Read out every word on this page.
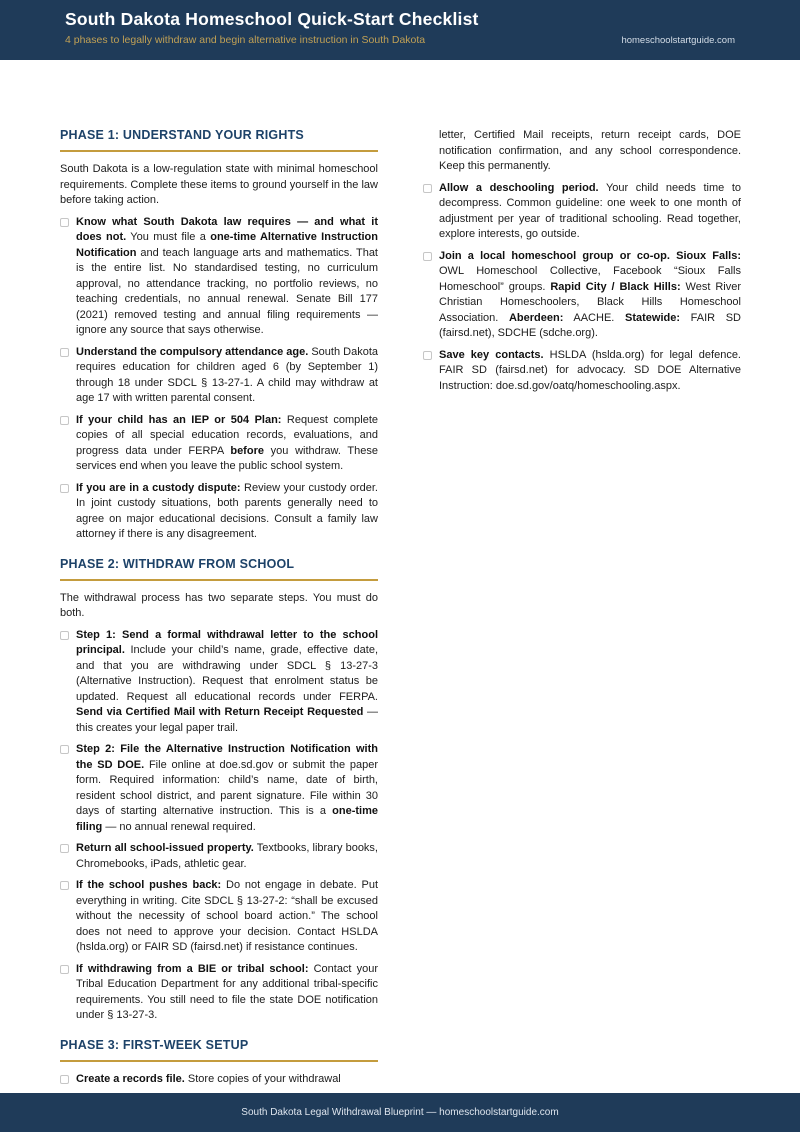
South Dakota Homeschool Quick-Start Checklist
4 phases to legally withdraw and begin alternative instruction in South Dakota	homeschoolstartguide.com
PHASE 1: UNDERSTAND YOUR RIGHTS

South Dakota is a low-regulation state with minimal homeschool requirements. Complete these items to ground yourself in the law before taking action.

Know what South Dakota law requires — and what it does not. You must file a one-time Alternative Instruction Notification and teach language arts and mathematics. That is the entire list. No standardised testing, no curriculum approval, no attendance tracking, no portfolio reviews, no teaching credentials, no annual renewal. Senate Bill 177 (2021) removed testing and annual filing requirements — ignore any source that says otherwise.
Understand the compulsory attendance age. South Dakota requires education for children aged 6 (by September 1) through 18 under SDCL § 13-27-1. A child may withdraw at age 17 with written parental consent.
If your child has an IEP or 504 Plan: Request complete copies of all special education records, evaluations, and progress data under FERPA before you withdraw. These services end when you leave the public school system.
If you are in a custody dispute: Review your custody order. In joint custody situations, both parents generally need to agree on major educational decisions. Consult a family law attorney if there is any disagreement.
PHASE 2: WITHDRAW FROM SCHOOL

The withdrawal process has two separate steps. You must do both.

Step 1: Send a formal withdrawal letter to the school principal. Include your child’s name, grade, effective date, and that you are withdrawing under SDCL § 13-27-3 (Alternative Instruction). Request that enrolment status be updated. Request all educational records under FERPA. Send via Certified Mail with Return Receipt Requested — this creates your legal paper trail.
Step 2: File the Alternative Instruction Notification with the SD DOE. File online at doe.sd.gov or submit the paper form. Required information: child’s name, date of birth, resident school district, and parent signature. File within 30 days of starting alternative instruction. This is a one-time filing — no annual renewal required.
Return all school-issued property. Textbooks, library books, Chromebooks, iPads, athletic gear.
If the school pushes back: Do not engage in debate. Put everything in writing. Cite SDCL § 13-27-2: “shall be excused without the necessity of school board action.” The school does not need to approve your decision. Contact HSLDA (hslda.org) or FAIR SD (fairsd.net) if resistance continues.
If withdrawing from a BIE or tribal school: Contact your Tribal Education Department for any additional tribal-specific requirements. You still need to file the state DOE notification under § 13-27-3.
PHASE 3: FIRST-WEEK SETUP
Create a records file. Store copies of your withdrawal

letter, Certified Mail receipts, return receipt cards, DOE notification confirmation, and any school correspondence. Keep this permanently.

Allow a deschooling period. Your child needs time to decompress. Common guideline: one week to one month of adjustment per year of traditional schooling. Read together, explore interests, go outside.
Join a local homeschool group or co-op. Sioux Falls: OWL Homeschool Collective, Facebook “Sioux Falls Homeschool” groups. Rapid City / Black Hills: West River Christian Homeschoolers, Black Hills Homeschool Association. Aberdeen: AACHE. Statewide: FAIR SD (fairsd.net), SDCHE (sdche.org).
Save key contacts. HSLDA (hslda.org) for legal defence. FAIR SD (fairsd.net) for advocacy. SD DOE Alternative Instruction: doe.sd.gov/oatq/homeschooling.aspx.
South Dakota Legal Withdrawal Blueprint — homeschoolstartguide.com
